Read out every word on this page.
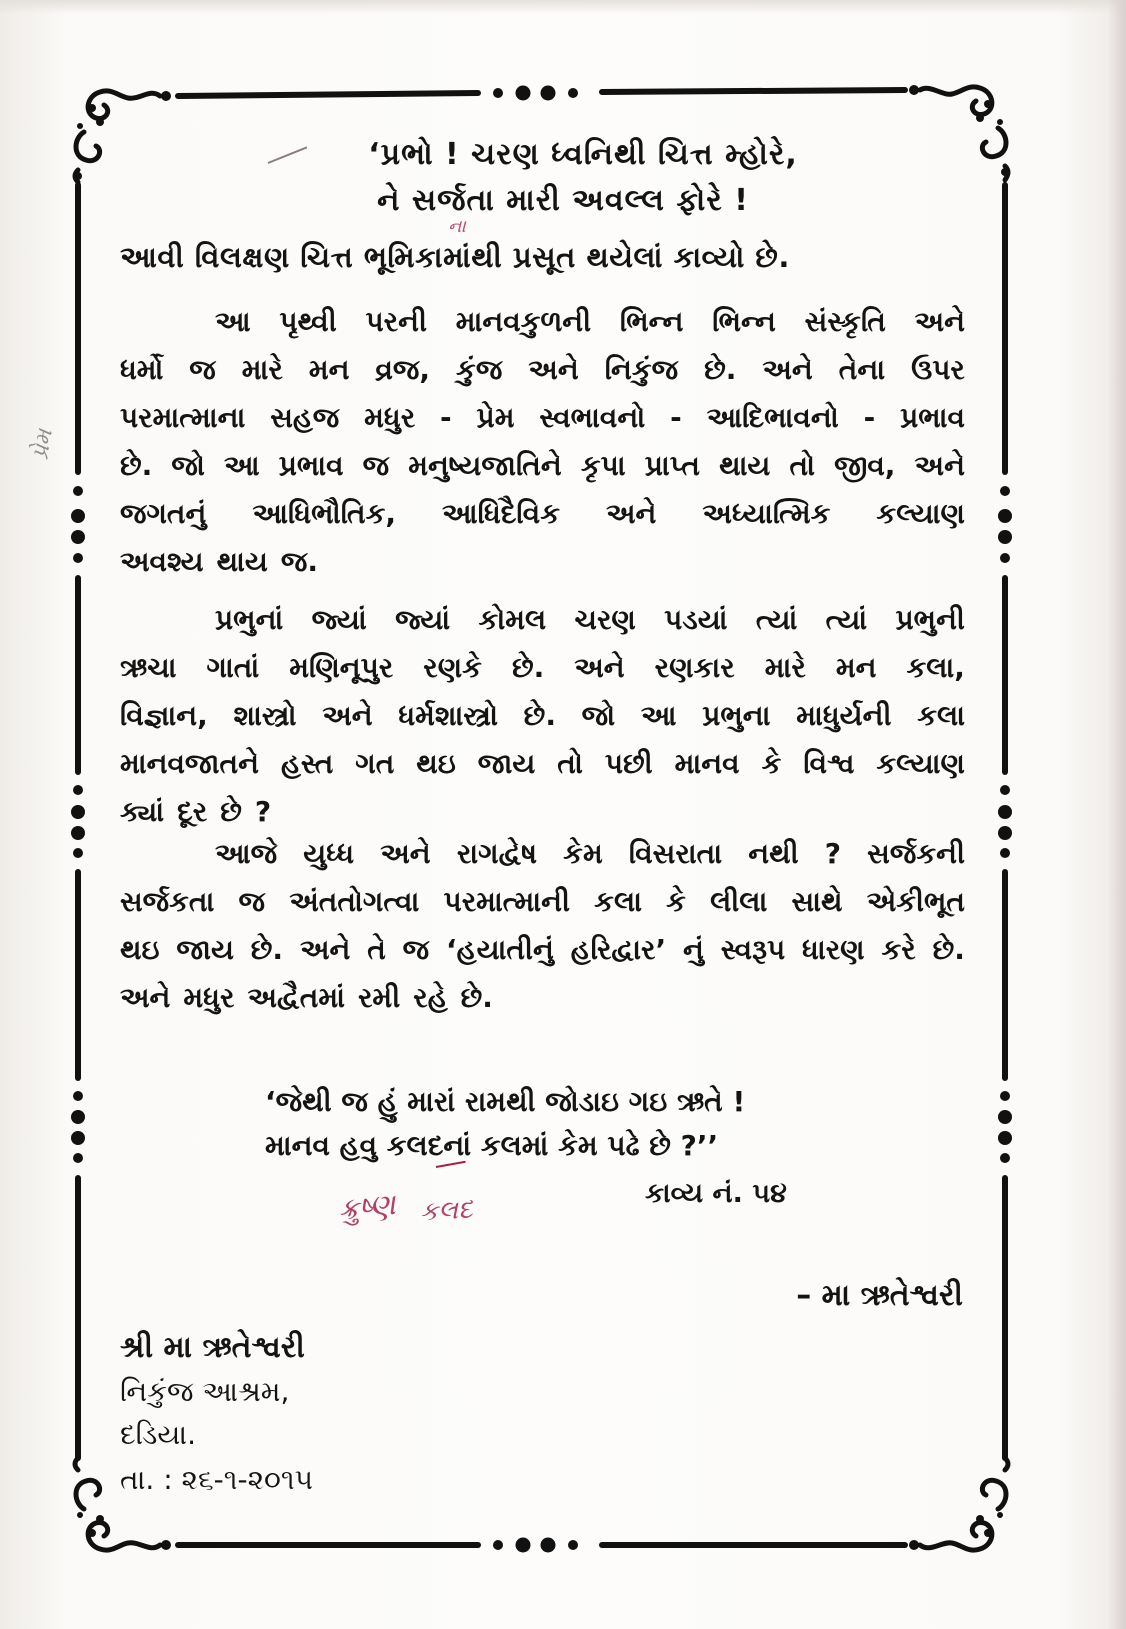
‘પ્રભો ! ચરણ ધ્વનિથી ચિત્ત મ્હોરે,
ને સર્જતા મારી અવલ્લ ફોરે !
ના
આવી વિલક્ષણ ચિત્ત ભૂમિકામાંથી પ્રસૂત થયેલાં કાવ્યો છે.
આ પૃથ્વી પરની માનવકુળની ભિન્ન ભિન્ન સંસ્કૃતિ અને
ધર્મો જ મારે મન વ્રજ, કુંજ અને નિકુંજ છે. અને તેના ઉપર
પરમાત્માના સહજ મધુર - પ્રેમ સ્વભાવનો - આદિભાવનો - પ્રભાવ
છે. જો આ પ્રભાવ જ મનુષ્યજાતિને કૃપા પ્રાપ્ત થાય તો જીવ, અને
જગતનું આધિભૌતિક, આધિદૈવિક અને અધ્યાત્મિક કલ્યાણ
અવશ્ય થાય જ.
પ્રેમ
પ્રભુનાં જ્યાં જ્યાં કોમલ ચરણ પડયાં ત્યાં ત્યાં પ્રભુની
ઋચા ગાતાં મણિનૂપુર રણકે છે. અને રણકાર મારે મન કલા,
વિજ્ઞાન, શાસ્ત્રો અને ધર્મશાસ્ત્રો છે. જો આ પ્રભુના માધુર્યની કલા
માનવજાતને હસ્ત ગત થઇ જાય તો પછી માનવ કે વિશ્વ કલ્યાણ
ક્યાં દૂર છે ?
આજે યુધ્ધ અને રાગદ્વેષ કેમ વિસરાતા નથી ? સર્જકની
સર્જકતા જ અંતતોગત્વા પરમાત્માની કલા કે લીલા સાથે એકીભૂત
થઇ જાય છે. અને તે જ ‘હયાતીનું હરિદ્વાર’ નું સ્વરૂપ ધારણ કરે છે.
અને મધુર અદ્વૈતમાં રમી રહે છે.
‘જેથી જ હું મારાં રામથી જોડાઇ ગઇ ઋતે !
માનવ હવુ કલદનાં કલમાં કેમ પઢે છે ?’’
કાવ્ય નં. ૫૪
ક્રુષ્ણ કલદ
– મા ઋતેશ્વરી
શ્રી મા ઋતેશ્વરી
નિકુંજ આશ્રમ,
દડિયા.
તા. : ૨૬-૧-૨૦૧૫
